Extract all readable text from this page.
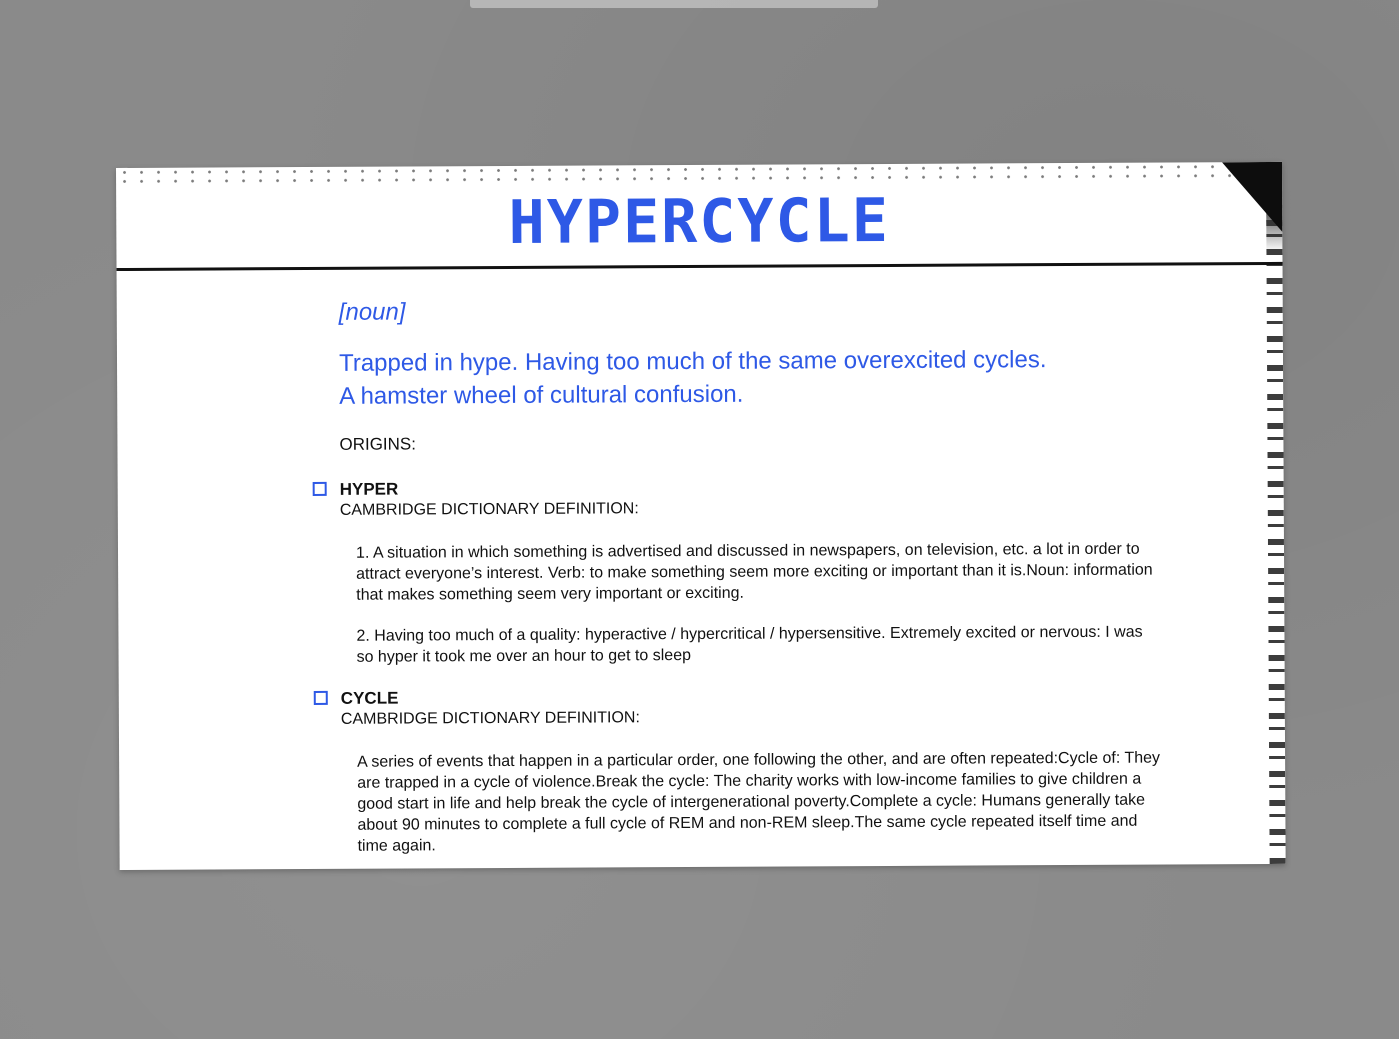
HYPERCYCLE

[noun]

Trapped in hype. Having too much of the same overexcited cycles.

A hamster wheel of cultural confusion.

ORIGINS:
HYPER
CAMBRIDGE DICTIONARY DEFINITION:
1. A situation in which something is advertised and discussed in newspapers, on television, etc. a lot in order to attract everyone’s interest. Verb: to make something seem more exciting or important than it is.Noun: information that makes something seem very important or exciting.
2. Having too much of a quality: hyperactive / hypercritical / hypersensitive. Extremely excited or nervous: I was so hyper it took me over an hour to get to sleep
CYCLE
CAMBRIDGE DICTIONARY DEFINITION:
A series of events that happen in a particular order, one following the other, and are often repeated:Cycle of: They are trapped in a cycle of violence.Break the cycle: The charity works with low-income families to give children a good start in life and help break the cycle of intergenerational poverty.Complete a cycle: Humans generally take about 90 minutes to complete a full cycle of REM and non-REM sleep.The same cycle repeated itself time and time again.
